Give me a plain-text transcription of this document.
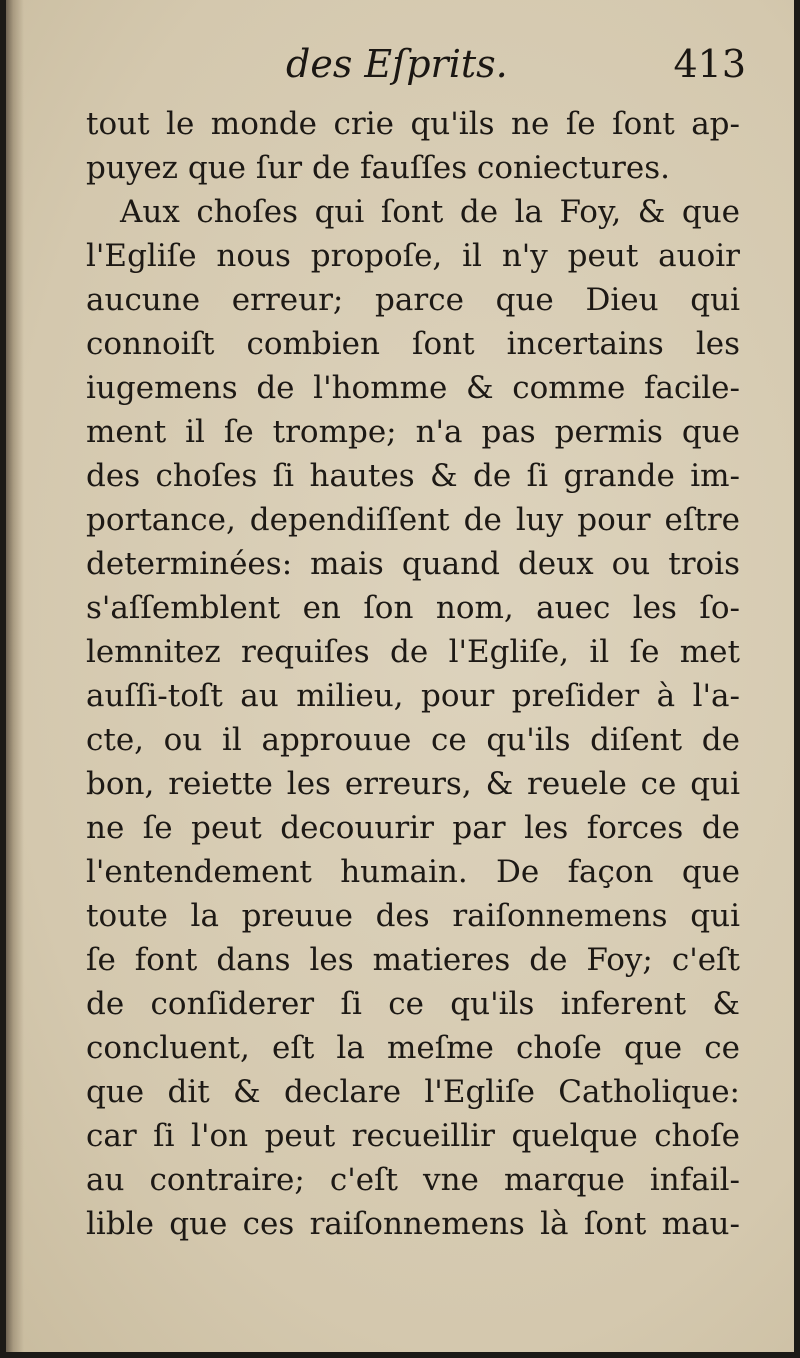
des Eſprits.	413
tout le monde crie qu'ils ne ſe ſont ap-
puyez que ſur de fauſſes coniectures.
Aux choſes qui ſont de la Foy, & que
l'Egliſe nous propoſe, il n'y peut auoir
aucune erreur; parce que Dieu qui
connoiſt combien ſont incertains les
iugemens de l'homme & comme facile-
ment il ſe trompe; n'a pas permis que
des choſes ſi hautes & de ſi grande im-
portance, dependiſſent de luy pour eſtre
determinées: mais quand deux ou trois
s'aſſemblent en ſon nom, auec les ſo-
lemnitez requiſes de l'Egliſe, il ſe met
auſſi-toſt au milieu, pour preſider à l'a-
cte, ou il approuue ce qu'ils diſent de
bon, reiette les erreurs, & reuele ce qui
ne ſe peut decouurir par les forces de
l'entendement humain. De façon que
toute la preuue des raiſonnemens qui
ſe font dans les matieres de Foy; c'eſt
de conſiderer ſi ce qu'ils inferent &
concluent, eſt la meſme choſe que ce
que dit & declare l'Egliſe Catholique:
car ſi l'on peut recueillir quelque choſe
au contraire; c'eſt vne marque infail-
lible que ces raiſonnemens là ſont mau-
